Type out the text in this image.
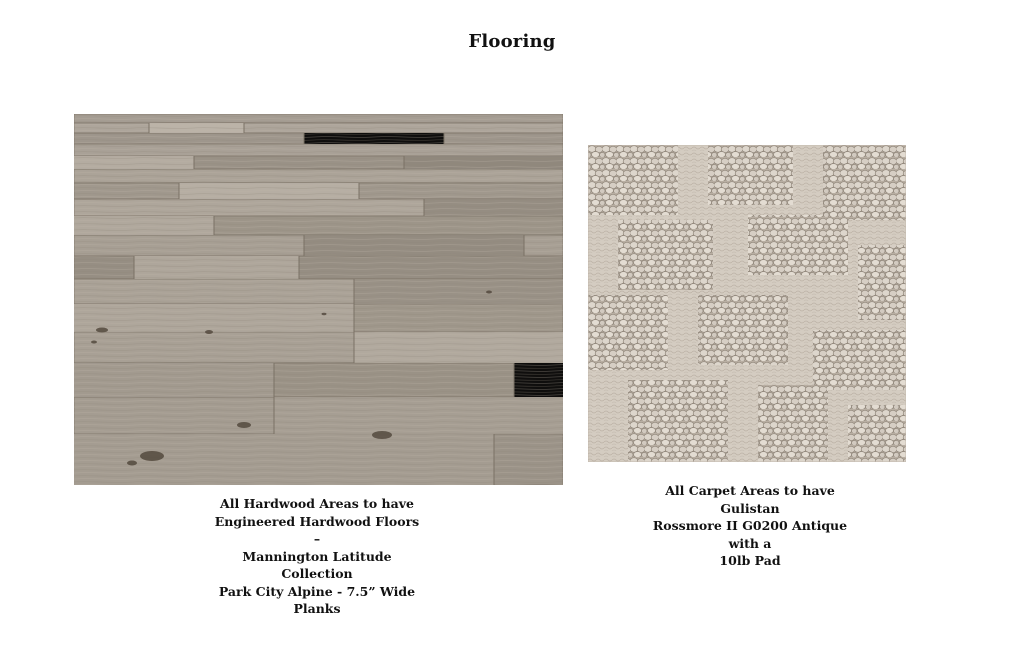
Flooring
All Hardwood Areas to have
Engineered Hardwood Floors –
Mannington Latitude Collection
Park City Alpine - 7.5” Wide
Planks
All Carpet Areas to have Gulistan
Rossmore II G0200 Antique with a
10lb Pad
